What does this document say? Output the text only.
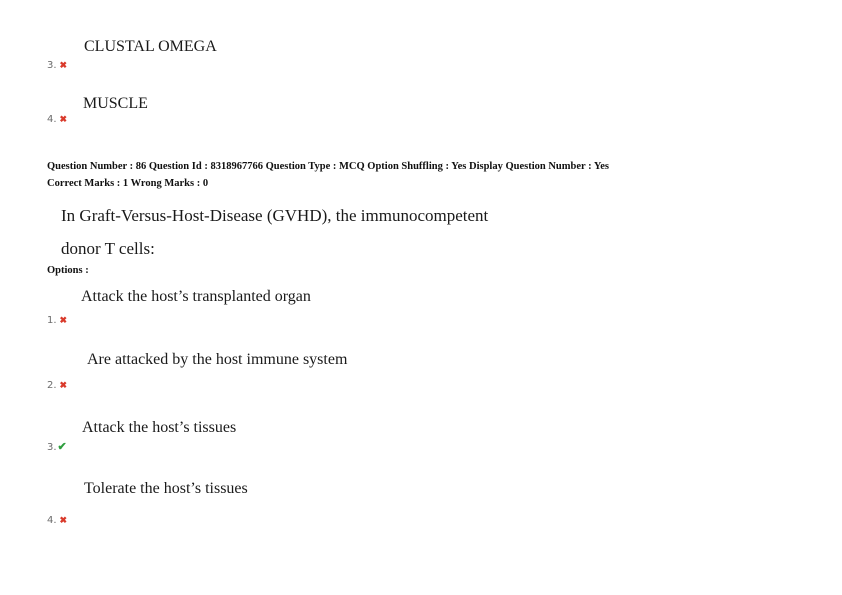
CLUSTAL OMEGA
3. ✖
MUSCLE
4. ✖
Question Number : 86 Question Id : 8318967766 Question Type : MCQ Option Shuffling : Yes Display Question Number : Yes
Correct Marks : 1 Wrong Marks : 0
In Graft-Versus-Host-Disease (GVHD), the immunocompetent
donor T cells:
Options :
Attack the host’s transplanted organ
1. ✖
Are attacked by the host immune system
2. ✖
Attack the host’s tissues
3.✔
Tolerate the host’s tissues
4. ✖
